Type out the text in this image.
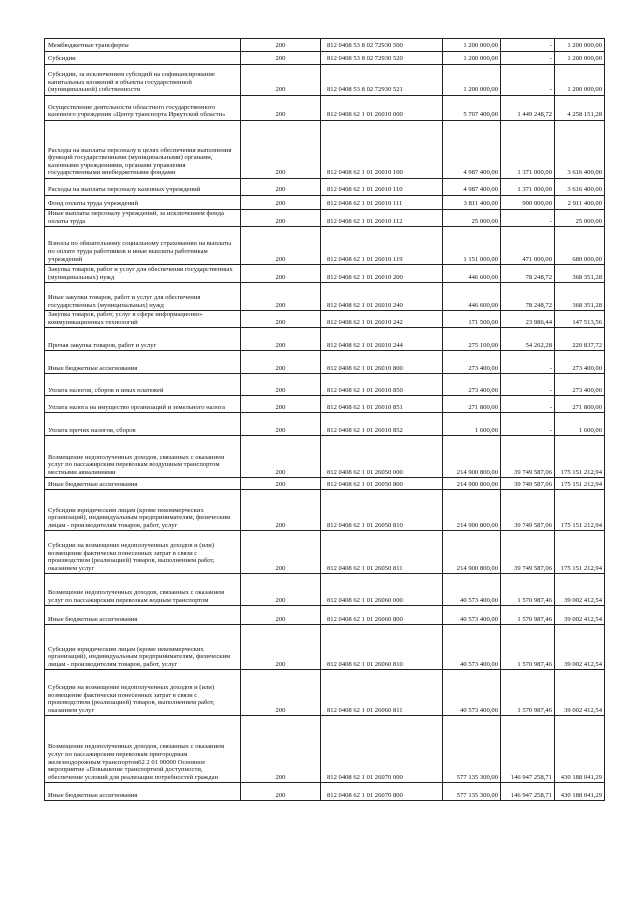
Межбюджетные трансферты	200	812 0408 53 8 02 72930 500	1 200 000,00	-	1 200 000,00
Субсидии	200	812 0408 53 8 02 72930 520	1 200 000,00	-	1 200 000,00
Субсидии, за исключением субсидий на софинансирование капитальных вложений в объекты государственной (муниципальной) собственности	200	812 0408 53 8 02 72930 521	1 200 000,00	-	1 200 000,00
Осуществление деятельности областного государственного казенного учреждения «Центр транспорта Иркутской области»	200	812 0408 62 1 01 26010 000	5 707 400,00	1 449 248,72	4 258 151,28
Расходы на выплаты персоналу в целях обеспечения выполнения функций государственными (муниципальными) органами, казенными учреждениями, органами управления государственными внебюджетными фондами	200	812 0408 62 1 01 26010 100	4 987 400,00	1 371 000,00	3 616 400,00
Расходы на выплаты персоналу казенных учреждений	200	812 0408 62 1 01 26010 110	4 987 400,00	1 371 000,00	3 616 400,00
Фонд оплаты труда учреждений	200	812 0408 62 1 01 26010 111	3 811 400,00	900 000,00	2 911 400,00
Иные выплаты персоналу учреждений, за исключением фонда оплаты труда	200	812 0408 62 1 01 26010 112	25 000,00	-	25 000,00
Взносы по обязательному социальному страхованию на выплаты по оплате труда работников и иные выплаты работникам учреждений	200	812 0408 62 1 01 26010 119	1 151 000,00	471 000,00	680 000,00
Закупка товаров, работ и услуг для обеспечения государственных (муниципальных) нужд	200	812 0408 62 1 01 26010 200	446 600,00	78 248,72	368 351,28
Иные закупки товаров, работ и услуг для обеспечения государственных (муниципальных) нужд	200	812 0408 62 1 01 26010 240	446 600,00	78 248,72	368 351,28
Закупка товаров, работ, услуг в сфере информационно-коммуникационных технологий	200	812 0408 62 1 01 26010 242	171 500,00	23 986,44	147 513,56
Прочая закупка товаров, работ и услуг	200	812 0408 62 1 01 26010 244	275 100,00	54 262,28	220 837,72
Иные бюджетные ассигнования	200	812 0408 62 1 01 26010 800	273 400,00	-	273 400,00
Уплата налогов, сборов и иных платежей	200	812 0408 62 1 01 26010 850	273 400,00	-	273 400,00
Уплата налога на имущество организаций и земельного налога	200	812 0408 62 1 01 26010 851	271 800,00	-	271 800,00
Уплата прочих налогов, сборов	200	812 0408 62 1 01 26010 852	1 600,00	-	1 600,00
Возмещение недополученных доходов, связанных с оказанием услуг по пассажирским перевозкам воздушным транспортом местными авиалиниями	200	812 0408 62 1 01 26050 000	214 900 800,00	39 749 587,06	175 151 212,94
Иные бюджетные ассигнования	200	812 0408 62 1 01 26050 800	214 900 800,00	39 749 587,06	175 151 212,94
Субсидии юридическим лицам (кроме некоммерческих организаций), индивидуальным предпринимателям, физическим лицам - производителям товаров, работ, услуг	200	812 0408 62 1 01 26050 810	214 900 800,00	39 749 587,06	175 151 212,94
Субсидии на возмещение недополученных доходов и (или) возмещение фактически понесенных затрат в связи с производством (реализацией) товаров, выполнением работ, оказанием услуг	200	812 0408 62 1 01 26050 811	214 900 800,00	39 749 587,06	175 151 212,94
Возмещение недополученных доходов, связанных с оказанием услуг по пассажирским перевозкам водным транспортом	200	812 0408 62 1 01 26060 000	40 573 400,00	1 570 987,46	39 002 412,54
Иные бюджетные ассигнования	200	812 0408 62 1 01 26060 800	40 573 400,00	1 570 987,46	39 002 412,54
Субсидии юридическим лицам (кроме некоммерческих организаций), индивидуальным предпринимателям, физическим лицам - производителям товаров, работ, услуг	200	812 0408 62 1 01 26060 810	40 573 400,00	1 570 987,46	39 002 412,54
Субсидии на возмещение недополученных доходов и (или) возмещение фактически понесенных затрат в связи с производством (реализацией) товаров, выполнением работ, оказанием услуг	200	812 0408 62 1 01 26060 811	40 573 400,00	1 570 987,46	39 002 412,54
Возмещение недополученных доходов, связанных с оказанием услуг по пассажирским перевозкам пригородным железнодорожным транспортом62 2 01 00000 Основное мероприятие «Повышение транспортной доступности, обеспечение условий для реализации потребностей граждан	200	812 0408 62 1 01 26070 000	577 135 300,00	146 947 258,71	430 188 041,29
Иные бюджетные ассигнования	200	812 0408 62 1 01 26070 800	577 135 300,00	146 947 258,71	430 188 041,29
